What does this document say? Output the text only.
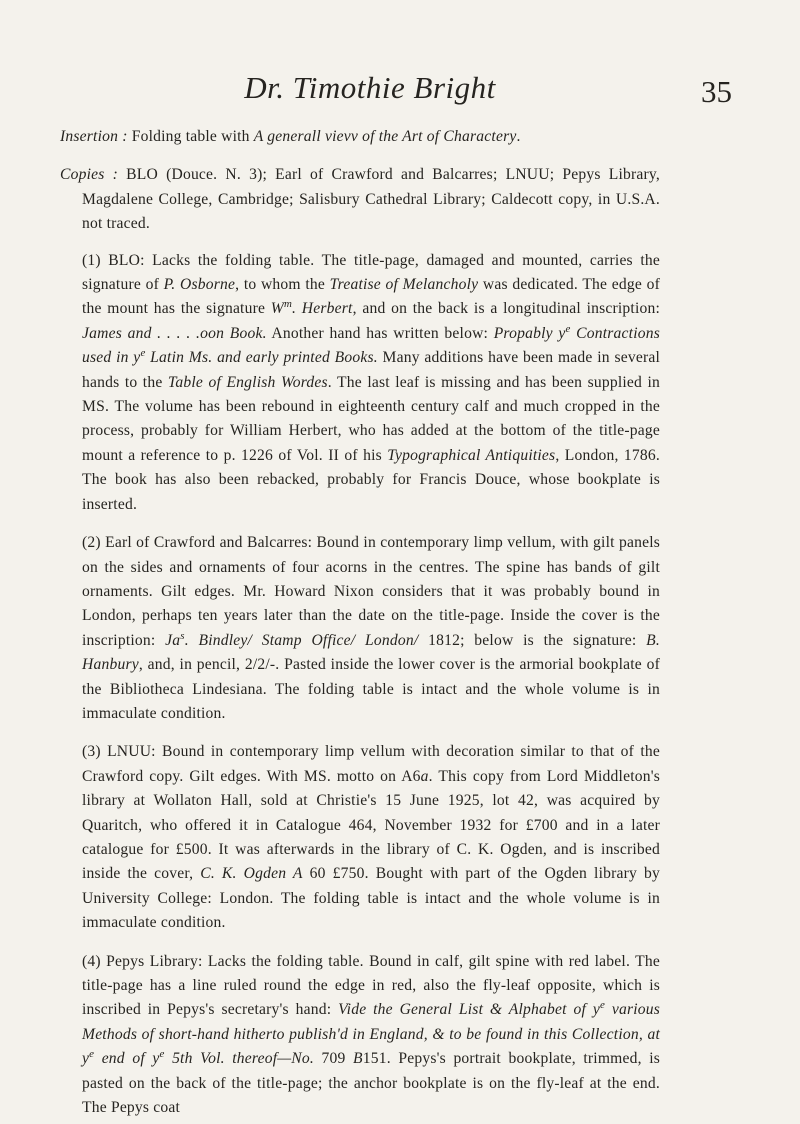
Dr. Timothie Bright	35

Insertion : Folding table with A generall vievv of the Art of Charactery.

Copies : BLO (Douce. N. 3); Earl of Crawford and Balcarres; LNUU; Pepys Library, Magdalene College, Cambridge; Salisbury Cathedral Library; Caldecott copy, in U.S.A. not traced.

(1) BLO: Lacks the folding table. The title-page, damaged and mounted, carries the signature of P. Osborne, to whom the Treatise of Melancholy was dedicated. The edge of the mount has the signature $W^m$. Herbert, and on the back is a longitudinal inscription: James and . . . . .oon Book. Another hand has written below: Propably $y^e$ Contractions used in $y^e$ Latin Ms. and early printed Books. Many additions have been made in several hands to the Table of English Wordes. The last leaf is missing and has been supplied in MS. The volume has been rebound in eighteenth century calf and much cropped in the process, probably for William Herbert, who has added at the bottom of the title-page mount a reference to p. 1226 of Vol. II of his Typographical Antiquities, London, 1786. The book has also been rebacked, probably for Francis Douce, whose bookplate is inserted.

(2) Earl of Crawford and Balcarres: Bound in contemporary limp vellum, with gilt panels on the sides and ornaments of four acorns in the centres. The spine has bands of gilt ornaments. Gilt edges. Mr. Howard Nixon considers that it was probably bound in London, perhaps ten years later than the date on the title-page. Inside the cover is the inscription: Ja$^s$. Bindley/ Stamp Office/ London/ 1812; below is the signature: B. Hanbury, and, in pencil, 2/2/-. Pasted inside the lower cover is the armorial bookplate of the Bibliotheca Lindesiana. The folding table is intact and the whole volume is in immaculate condition.

(3) LNUU: Bound in contemporary limp vellum with decoration similar to that of the Crawford copy. Gilt edges. With MS. motto on A6a. This copy from Lord Middleton's library at Wollaton Hall, sold at Christie's 15 June 1925, lot 42, was acquired by Quaritch, who offered it in Catalogue 464, November 1932 for £700 and in a later catalogue for £500. It was afterwards in the library of C. K. Ogden, and is inscribed inside the cover, C. K. Ogden A 60 £750. Bought with part of the Ogden library by University College: London. The folding table is intact and the whole volume is in immaculate condition.

(4) Pepys Library: Lacks the folding table. Bound in calf, gilt spine with red label. The title-page has a line ruled round the edge in red, also the fly-leaf opposite, which is inscribed in Pepys's secretary's hand: Vide the General List & Alphabet of $y^e$ various Methods of short-hand hitherto publish'd in England, & to be found in this Collection, at $y^e$ end of $y^e$ 5th Vol. thereof—No. 709 B151. Pepys's portrait bookplate, trimmed, is pasted on the back of the title-page; the anchor bookplate is on the fly-leaf at the end. The Pepys coat
